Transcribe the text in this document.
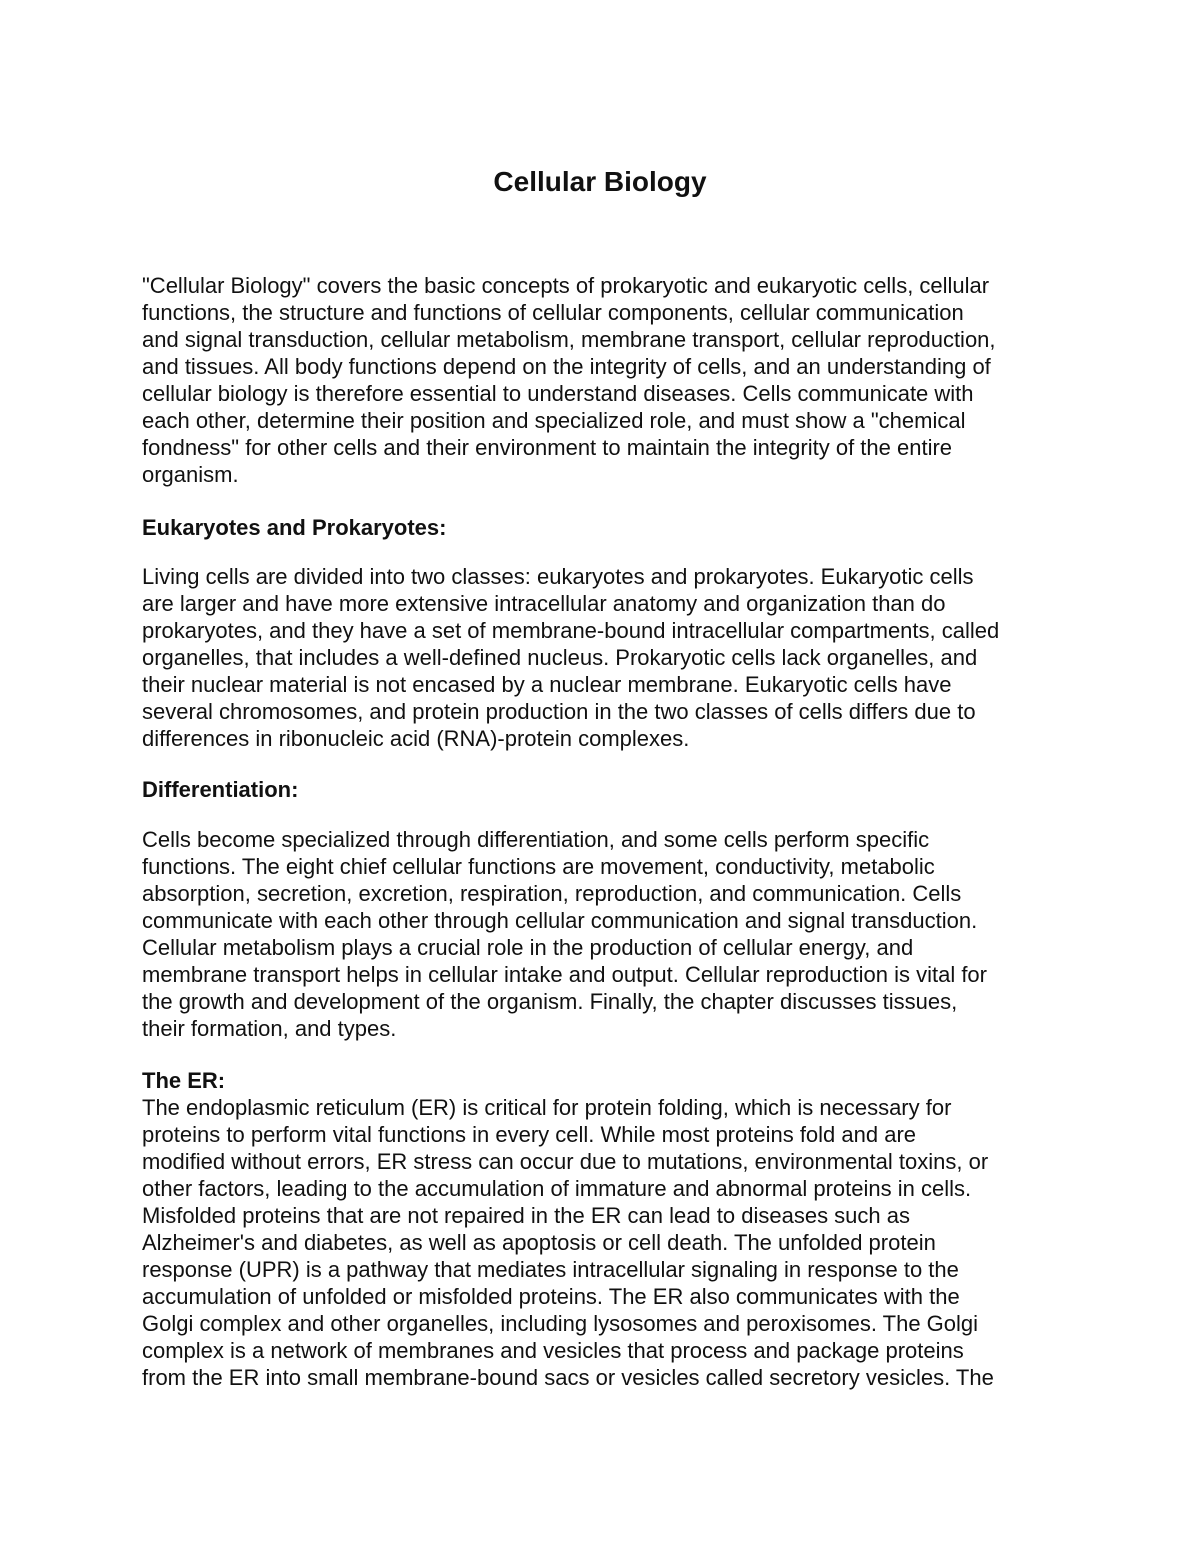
Cellular Biology
"Cellular Biology" covers the basic concepts of prokaryotic and eukaryotic cells, cellular
functions, the structure and functions of cellular components, cellular communication
and signal transduction, cellular metabolism, membrane transport, cellular reproduction,
and tissues. All body functions depend on the integrity of cells, and an understanding of
cellular biology is therefore essential to understand diseases. Cells communicate with
each other, determine their position and specialized role, and must show a "chemical
fondness" for other cells and their environment to maintain the integrity of the entire
organism.
Eukaryotes and Prokaryotes:
Living cells are divided into two classes: eukaryotes and prokaryotes. Eukaryotic cells
are larger and have more extensive intracellular anatomy and organization than do
prokaryotes, and they have a set of membrane-bound intracellular compartments, called
organelles, that includes a well-defined nucleus. Prokaryotic cells lack organelles, and
their nuclear material is not encased by a nuclear membrane. Eukaryotic cells have
several chromosomes, and protein production in the two classes of cells differs due to
differences in ribonucleic acid (RNA)-protein complexes.
Differentiation:
Cells become specialized through differentiation, and some cells perform specific
functions. The eight chief cellular functions are movement, conductivity, metabolic
absorption, secretion, excretion, respiration, reproduction, and communication. Cells
communicate with each other through cellular communication and signal transduction.
Cellular metabolism plays a crucial role in the production of cellular energy, and
membrane transport helps in cellular intake and output. Cellular reproduction is vital for
the growth and development of the organism. Finally, the chapter discusses tissues,
their formation, and types.
The ER:
The endoplasmic reticulum (ER) is critical for protein folding, which is necessary for
proteins to perform vital functions in every cell. While most proteins fold and are
modified without errors, ER stress can occur due to mutations, environmental toxins, or
other factors, leading to the accumulation of immature and abnormal proteins in cells.
Misfolded proteins that are not repaired in the ER can lead to diseases such as
Alzheimer's and diabetes, as well as apoptosis or cell death. The unfolded protein
response (UPR) is a pathway that mediates intracellular signaling in response to the
accumulation of unfolded or misfolded proteins. The ER also communicates with the
Golgi complex and other organelles, including lysosomes and peroxisomes. The Golgi
complex is a network of membranes and vesicles that process and package proteins
from the ER into small membrane-bound sacs or vesicles called secretory vesicles. The
